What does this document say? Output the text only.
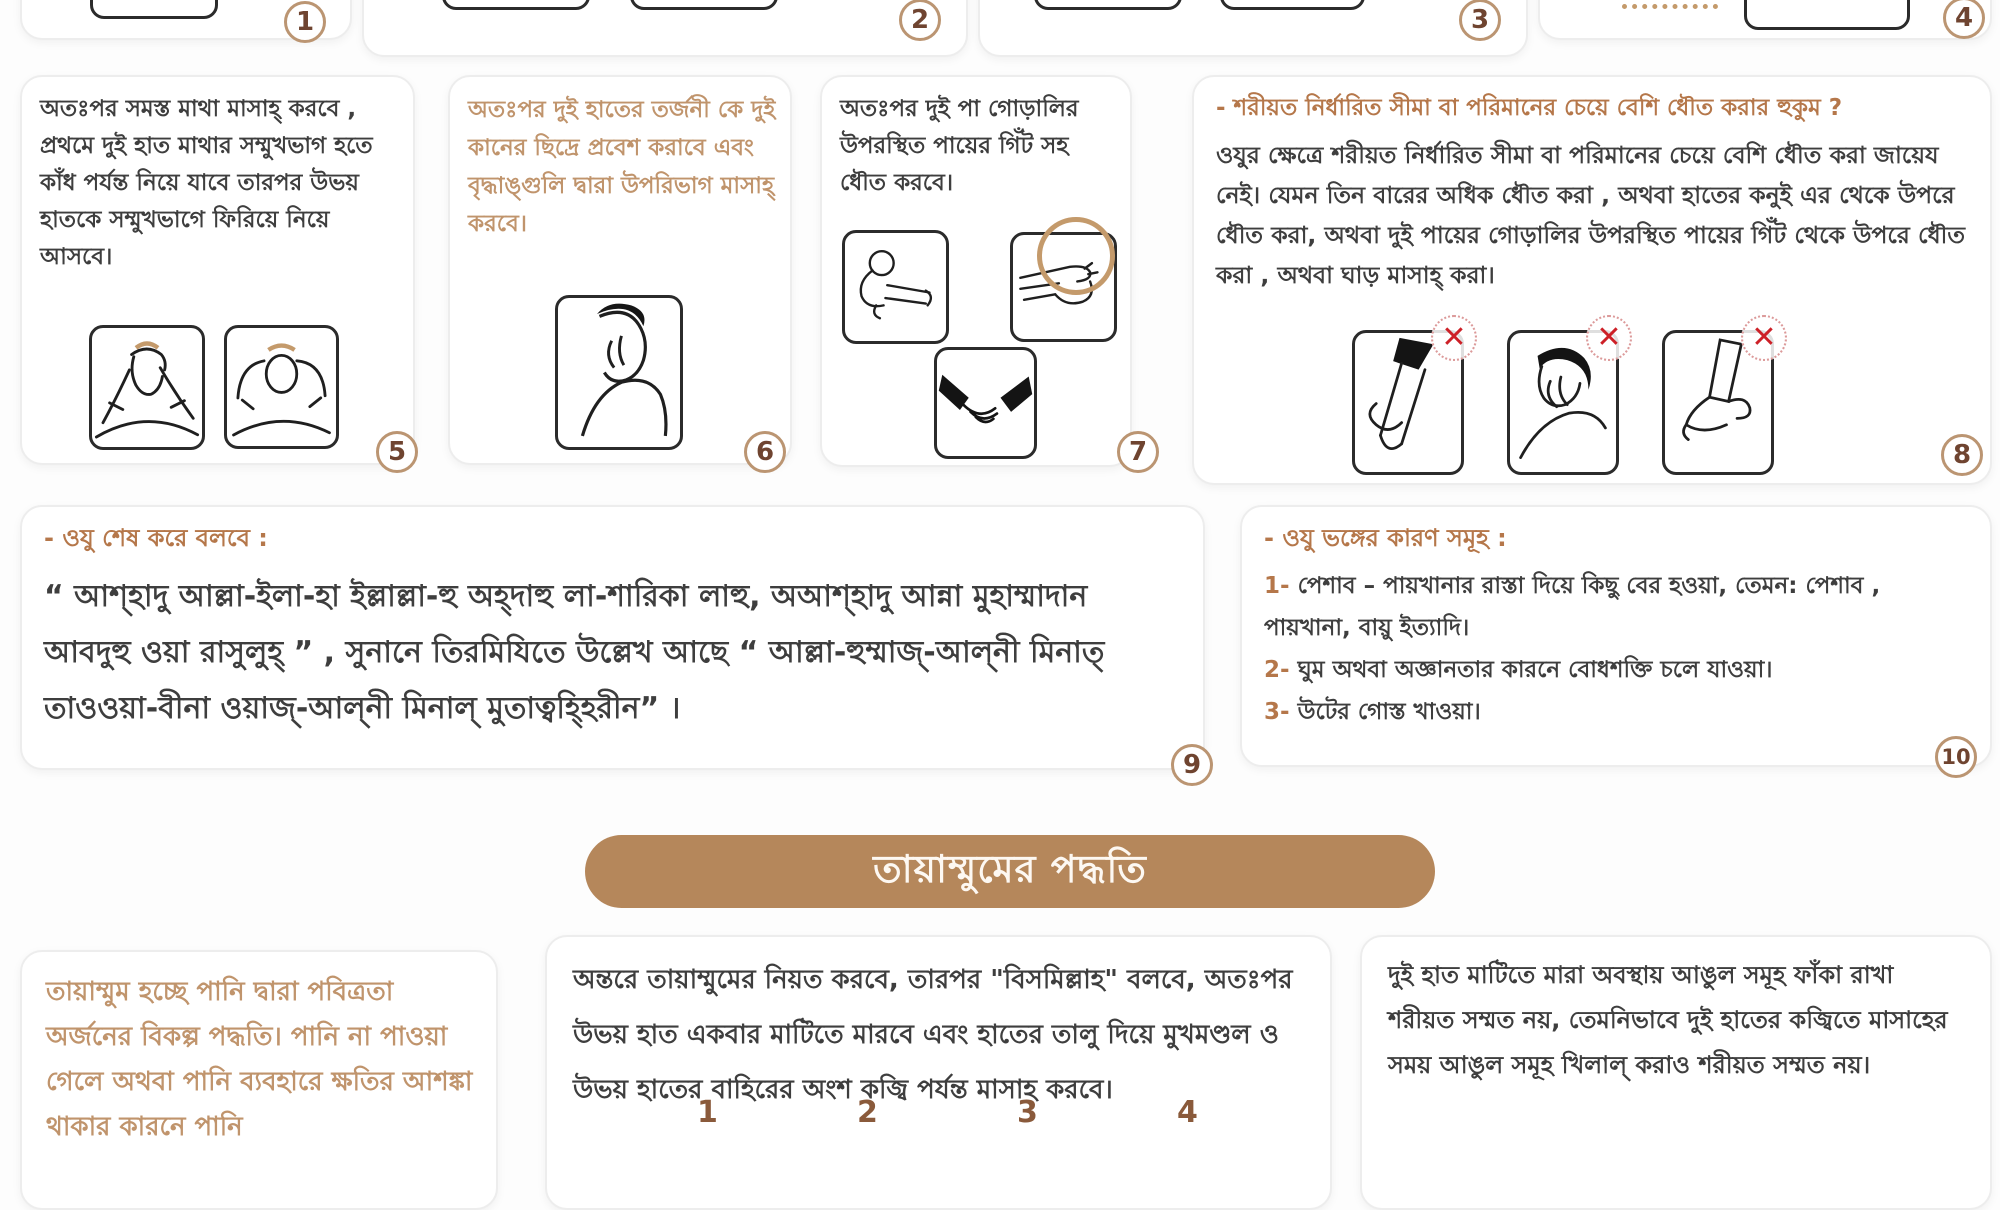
অতঃপর সমস্ত মাথা মাসাহ্ করবে , প্রথমে দুই হাত মাথার সম্মুখভাগ হতে কাঁধ পর্যন্ত নিয়ে যাবে তারপর উভয় হাতকে সম্মুখভাগে ফিরিয়ে নিয়ে আসবে।
অতঃপর দুই হাতের তর্জনী কে দুই কানের ছিদ্রে প্রবেশ করাবে এবং বৃদ্ধাঙ্গুলি দ্বারা উপরিভাগ মাসাহ্ করবে।
অতঃপর দুই পা গোড়ালির উপরস্থিত পায়ের গিঁট সহ ধৌত করবে।
- শরীয়ত নির্ধারিত সীমা বা পরিমানের চেয়ে বেশি ধৌত করার হুকুম ?
ওযুর ক্ষেত্রে শরীয়ত নির্ধারিত সীমা বা পরিমানের চেয়ে বেশি ধৌত করা জায়েয নেই। যেমন তিন বারের অধিক ধৌত করা , অথবা হাতের কনুই এর থেকে উপরে ধৌত করা, অথবা দুই পায়ের গোড়ালির উপরস্থিত পায়ের গিঁট থেকে উপরে ধৌত করা , অথবা ঘাড় মাসাহ্ করা।
✕	✕	✕
- ওযু শেষ করে বলবে :
“ আশ্হাদু আল্লা-ইলা-হা ইল্লাল্লা-হু অহ্দাহু লা-শারিকা লাহু, অআশ্হাদু আন্না মুহাম্মাদান আবদুহু ওয়া রাসুলুহ্ ” , সুনানে তিরমিযিতে উল্লেখ আছে “ আল্লা-হুম্মাজ্-আল্নী মিনাত্ তাওওয়া-বীনা ওয়াজ্-আল্নী মিনাল্ মুতাত্বহ্হিরীন” ।
- ওযু ভঙ্গের কারণ সমূহ :
1- পেশাব – পায়খানার রাস্তা দিয়ে কিছু বের হওয়া, তেমন: পেশাব , পায়খানা, বায়ু ইত্যাদি।
2- ঘুম অথবা অজ্ঞানতার কারনে বোধশক্তি চলে যাওয়া।
3- উটের গোস্ত খাওয়া।
তায়াম্মুমের পদ্ধতি
তায়াম্মুম হচ্ছে পানি দ্বারা পবিত্রতা অর্জনের বিকল্প পদ্ধতি। পানি না পাওয়া গেলে অথবা পানি ব্যবহারে ক্ষতির আশঙ্কা থাকার কারনে পানি
অন্তরে তায়াম্মুমের নিয়ত করবে, তারপর "বিসমিল্লাহ" বলবে, অতঃপর উভয় হাত একবার মাটিতে মারবে এবং হাতের তালু দিয়ে মুখমণ্ডল ও উভয় হাতের বাহিরের অংশ কজ্বি পর্যন্ত মাসাহ করবে।
1	2	3	4
দুই হাত মাটিতে মারা অবস্থায় আঙুল সমূহ ফাঁকা রাখা শরীয়ত সম্মত নয়, তেমনিভাবে দুই হাতের কজ্বিতে মাসাহের সময় আঙুল সমূহ খিলাল্ করাও শরীয়ত সম্মত নয়।
1	2	3	4
5	6	7	8
9	10
